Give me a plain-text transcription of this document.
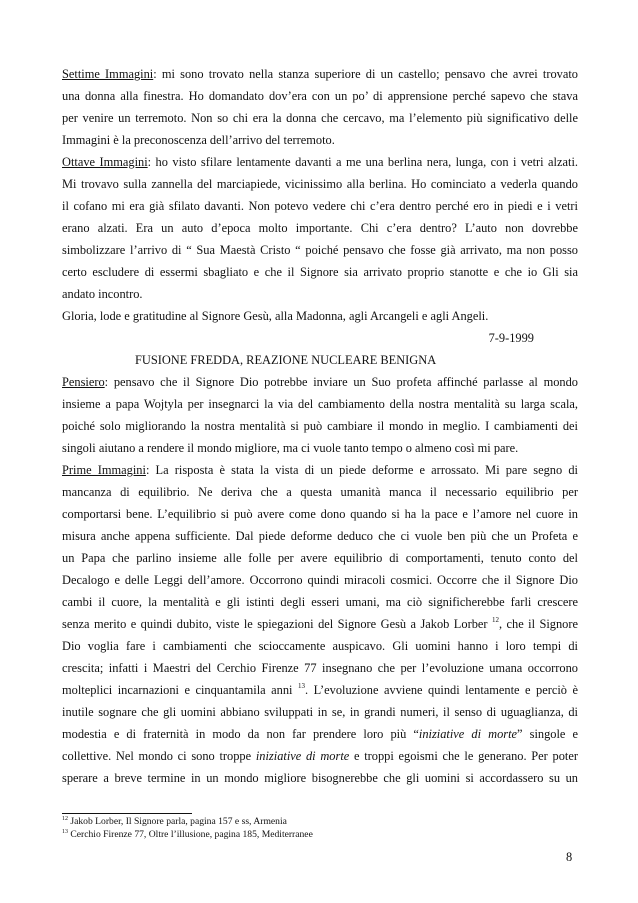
Settime Immagini: mi sono trovato nella stanza superiore di un castello; pensavo che avrei trovato
una donna alla finestra. Ho domandato dov’era con un po’ di apprensione perché sapevo che stava
per venire un terremoto. Non so chi era la donna che cercavo, ma l’elemento più significativo delle
Immagini è la preconoscenza dell’arrivo del terremoto.
Ottave Immagini: ho visto sfilare lentamente davanti a me una berlina nera, lunga, con i vetri alzati.
Mi trovavo sulla zannella del marciapiede, vicinissimo alla berlina. Ho cominciato a vederla quando
il cofano mi era già sfilato davanti. Non potevo vedere chi c’era dentro perché ero in piedi e i vetri
erano alzati. Era un auto d’epoca molto importante. Chi c’era dentro? L’auto non dovrebbe
simbolizzare l’arrivo di “ Sua Maestà Cristo “ poiché pensavo che fosse già arrivato, ma non posso
certo escludere di essermi sbagliato e che il Signore sia arrivato proprio stanotte e che io Gli sia
andato incontro.
Gloria, lode e gratitudine al Signore Gesù, alla Madonna, agli Arcangeli e agli Angeli.
7-9-1999
FUSIONE FREDDA, REAZIONE NUCLEARE BENIGNA
Pensiero: pensavo che il Signore Dio potrebbe inviare un Suo profeta affinché parlasse al mondo
insieme a papa Wojtyla per insegnarci la via del cambiamento della nostra mentalità su larga scala,
poiché solo migliorando la nostra mentalità si può cambiare il mondo in meglio. I cambiamenti dei
singoli aiutano a rendere il mondo migliore, ma ci vuole tanto tempo o almeno così mi pare.
Prime Immagini: La risposta è stata la vista di un piede deforme e arrossato. Mi pare segno di
mancanza di equilibrio. Ne deriva che a questa umanità manca il necessario equilibrio per
comportarsi bene. L’equilibrio si può avere come dono quando si ha la pace e l’amore nel cuore in
misura anche appena sufficiente. Dal piede deforme deduco che ci vuole ben più che un Profeta e
un Papa che parlino insieme alle folle per avere equilibrio di comportamenti, tenuto conto del
Decalogo e delle Leggi dell’amore. Occorrono quindi miracoli cosmici. Occorre che il Signore Dio
cambi il cuore, la mentalità e gli istinti degli esseri umani, ma ciò significherebbe farli crescere
senza merito e quindi dubito, viste le spiegazioni del Signore Gesù a Jakob Lorber $^{12}$, che il Signore
Dio voglia fare i cambiamenti che scioccamente auspicavo. Gli uomini hanno i loro tempi di
crescita; infatti i Maestri del Cerchio Firenze 77 insegnano che per l’evoluzione umana occorrono
molteplici incarnazioni e cinquantamila anni $^{13}$. L’evoluzione avviene quindi lentamente e perciò è
inutile sognare che gli uomini abbiano sviluppati in se, in grandi numeri, il senso di uguaglianza, di
modestia e di fraternità in modo da non far prendere loro più “iniziative di morte” singole e
collettive. Nel mondo ci sono troppe iniziative di morte e troppi egoismi che le generano. Per poter
sperare a breve termine in un mondo migliore bisognerebbe che gli uomini si accordassero su un
$^{12}$ Jakob Lorber, Il Signore parla, pagina 157 e ss, Armenia
$^{13}$ Cerchio Firenze 77, Oltre l’illusione, pagina 185, Mediterranee
8
